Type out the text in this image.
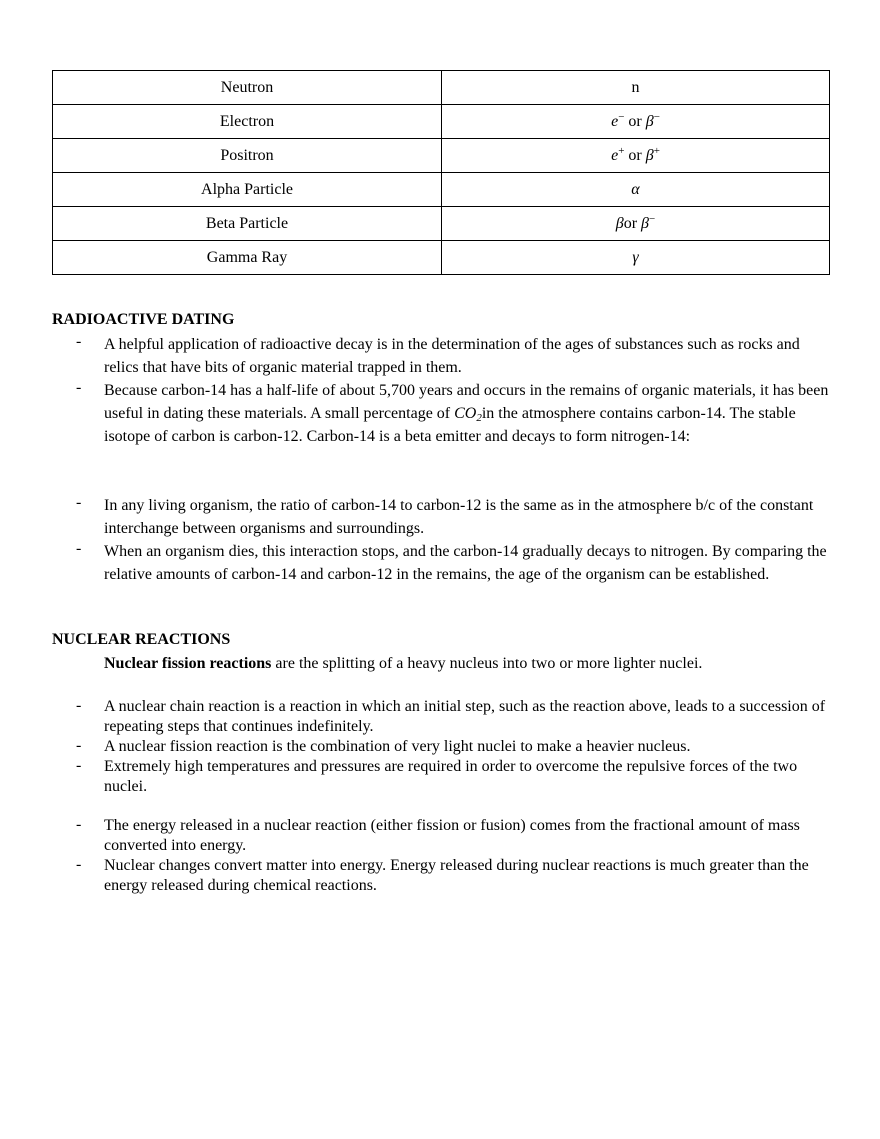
Neutron	n
Electron	e− or β−
Positron	e+ or β+
Alpha Particle	α
Beta Particle	βor β−
Gamma Ray	γ
RADIOACTIVE DATING
- A helpful application of radioactive decay is in the determination of the ages of substances such as rocks and relics that have bits of organic material trapped in them.
- Because carbon-14 has a half-life of about 5,700 years and occurs in the remains of organic materials, it has been useful in dating these materials. A small percentage of $CO_2in$ the atmosphere contains carbon-14. The stable isotope of carbon is carbon-12. Carbon-14 is a beta emitter and decays to form nitrogen-14:
- In any living organism, the ratio of carbon-14 to carbon-12 is the same as in the atmosphere b/c of the constant interchange between organisms and surroundings.
- When an organism dies, this interaction stops, and the carbon-14 gradually decays to nitrogen. By comparing the relative amounts of carbon-14 and carbon-12 in the remains, the age of the organism can be established.
NUCLEAR REACTIONS
Nuclear fission reactions are the splitting of a heavy nucleus into two or more lighter nuclei.
- A nuclear chain reaction is a reaction in which an initial step, such as the reaction above, leads to a succession of repeating steps that continues indefinitely.
- A nuclear fission reaction is the combination of very light nuclei to make a heavier nucleus.
- Extremely high temperatures and pressures are required in order to overcome the repulsive forces of the two nuclei.
- The energy released in a nuclear reaction (either fission or fusion) comes from the fractional amount of mass converted into energy.
- Nuclear changes convert matter into energy. Energy released during nuclear reactions is much greater than the energy released during chemical reactions.
